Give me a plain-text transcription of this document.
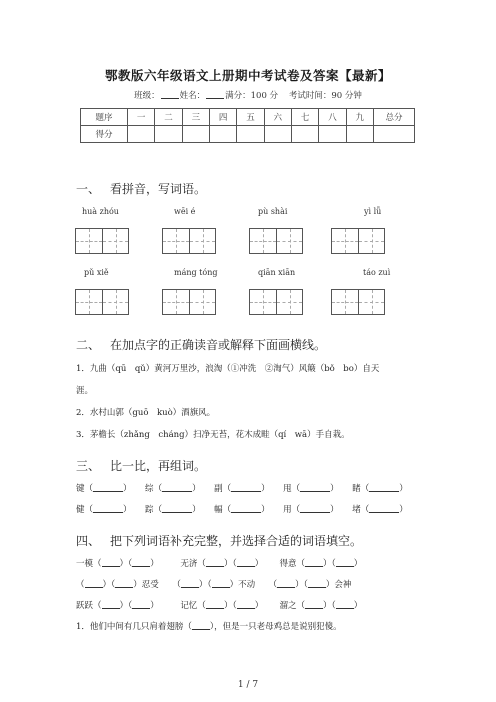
鄂教版六年级语文上册期中考试卷及答案【最新】
班级： 姓名： 满分：100 分 考试时间：90 分钟
题序	一	二	三	四	五	六	七	八	九	总分
得分										
一、 看拼音，写词语。
huà zhóu	wēi é	pù shài	yì lǚ
pǔ xiě	máng tóng	qiān xiān	táo zuì
二、 在加点字的正确读音或解释下面画横线。
1．九曲（qū　qǔ）黄河万里沙，浪淘（①冲洗　②淘气）风簸（bǒ　bo）自天
涯。
2．水村山郭（guō　kuò）酒旗风。
3．茅檐长（zhǎng　cháng）扫净无苔，花木成畦（qí　wā）手自栽。
三、 比一比，再组词。
键（	）     综（	）     副（	）     甩（	）     睹（	）
健（	）     踪（	）     幅（	）     用（	）     堵（	）
四、 把下列词语补充完整，并选择合适的词语填空。
一模（ ）（ ）	无济（ ）（ ） 得意（ ）（ ）
（ ）（ ）忍受 （ ）（ ）不动 （ ）（ ）会神
跃跃（ ）（ ）	记忆（ ）（ ） 溜之（ ）（ ）
1．他们中间有几只肩着翅膀（ ），但是一只老母鸡总是说别犯傻。
1 / 7
